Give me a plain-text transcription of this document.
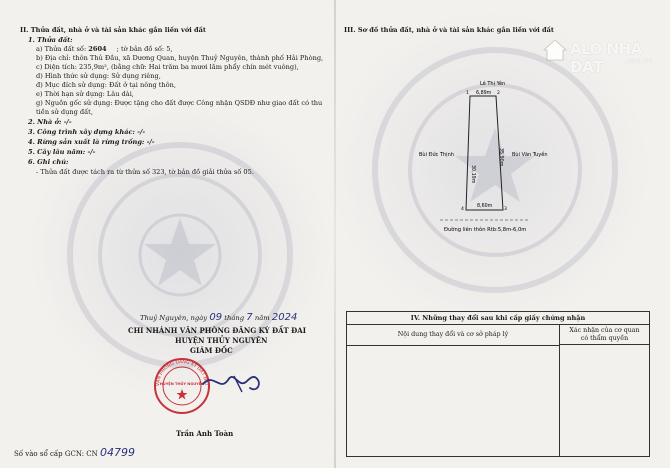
II. Thửa đất, nhà ở và tài sản khác gắn liền với đất
1. Thửa đất:
a) Thửa đất số: 2604 ; tờ bản đồ số: 5,
b) Địa chỉ: thôn Thủ Đầu, xã Dương Quan, huyện Thuỷ Nguyên, thành phố Hải Phòng,
c) Diện tích: 235,9m², (bằng chữ: Hai trăm ba mươi lăm phẩy chín mét vuông),
d) Hình thức sử dụng: Sử dụng riêng,
đ) Mục đích sử dụng: Đất ở tại nông thôn,
e) Thời hạn sử dụng: Lâu dài,
g) Nguồn gốc sử dụng: Được tặng cho đất được Công nhận QSDĐ như giao đất có thu
tiền sử dụng đất,
2. Nhà ở: -/-
3. Công trình xây dựng khác: -/-
4. Rừng sản xuất là rừng trồng: -/-
5. Cây lâu năm: -/-
6. Ghi chú:
- Thửa đất được tách ra từ thửa số 323, tờ bản đồ giải thửa số 05.
Thuỷ Nguyên, ngày 09 tháng 7 năm 2024
CHI NHÁNH VĂN PHÒNG ĐĂNG KÝ ĐẤT ĐAI
HUYỆN THỦY NGUYÊN
GIÁM ĐỐC
VĂN PHÒNG ĐĂNG KÝ ĐẤT ĐAI
HUYỆN THỦY NGUYÊN
Trần Anh Toàn
Số vào sổ cấp GCN: CN 04799
III. Sơ đồ thửa đất, nhà ở và tài sản khác gắn liền với đất
ALO NHÀ ĐẤT	.com.vn
Lê Thị Yên
Bùi Đức Thịnh	Bùi Văn Tuyền
6,89m
8,60m
30,19m
35,90m
1	2
3
4
Đường liên thôn Rtb:5,8m-6,0m
IV. Những thay đổi sau khi cấp giấy chứng nhận
Nội dung thay đổi và cơ sở pháp lý
Xác nhận của cơ quan
có thẩm quyền
